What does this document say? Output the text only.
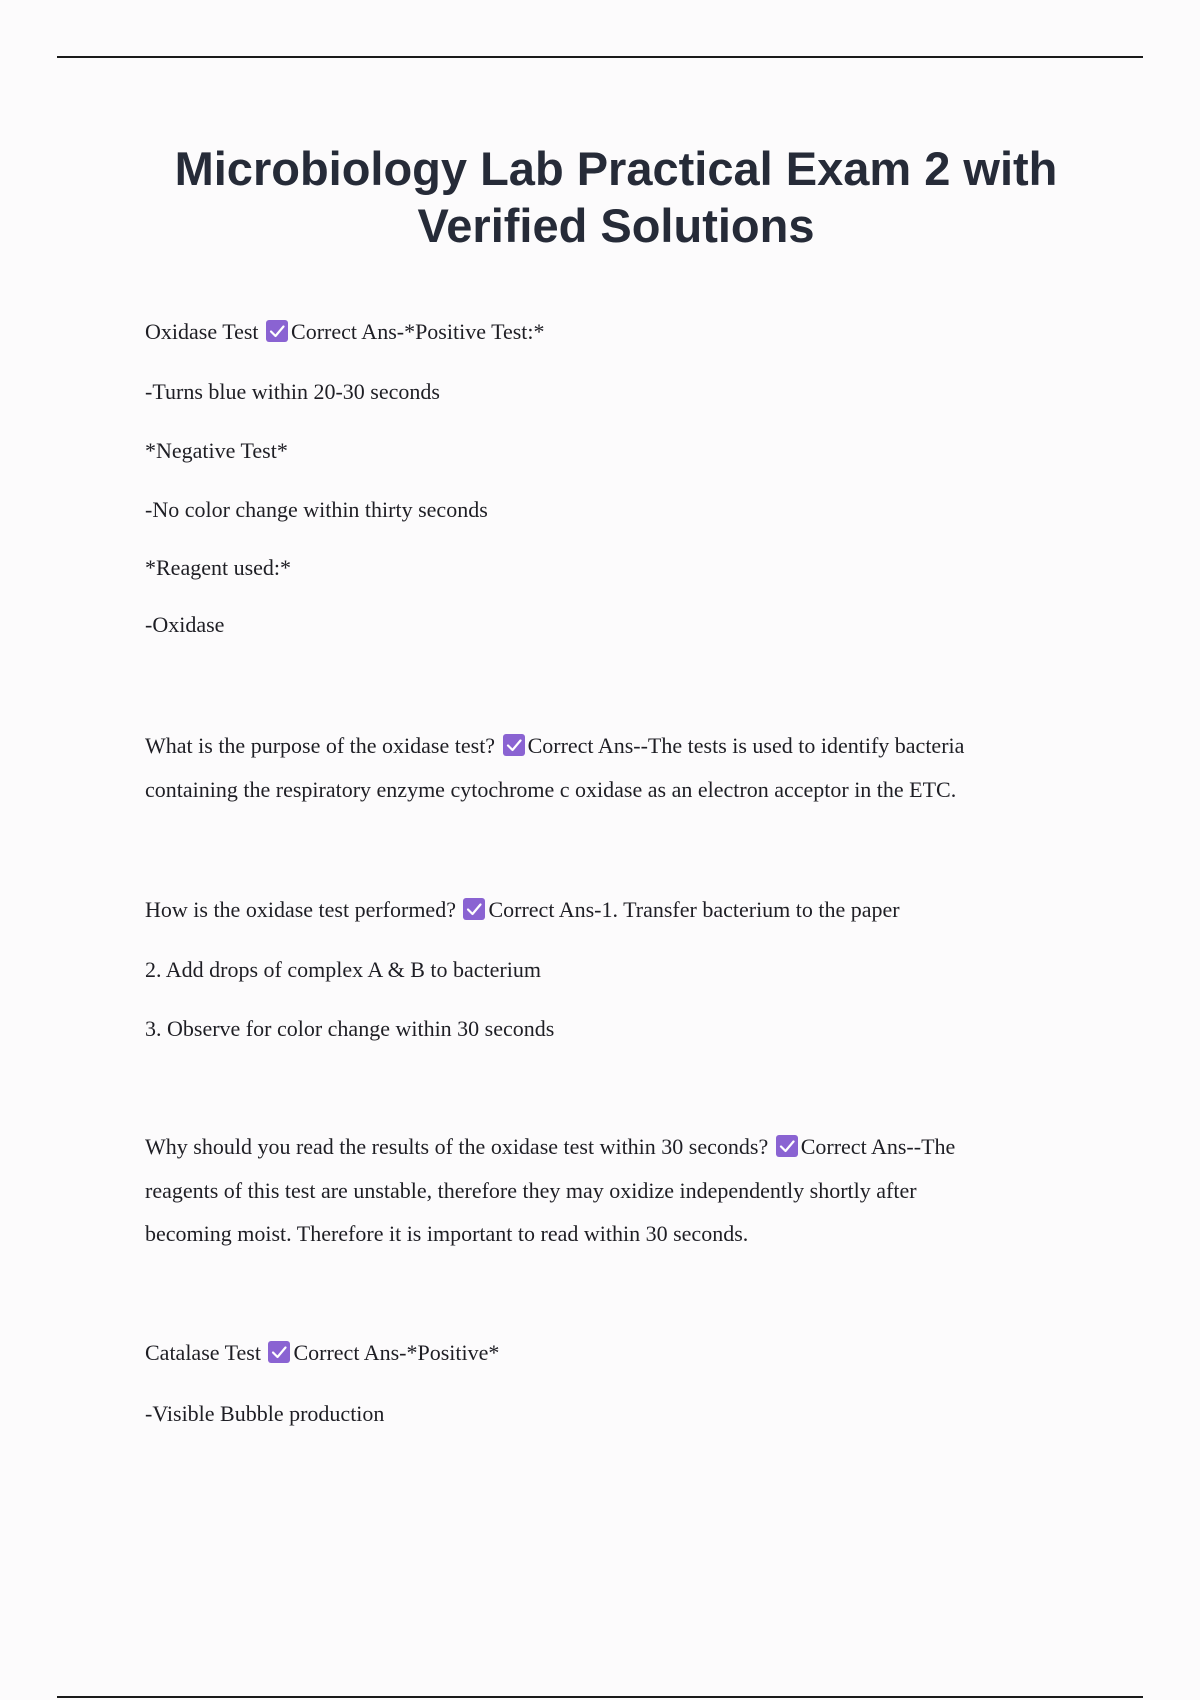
Microbiology Lab Practical Exam 2 with
Verified Solutions
Oxidase Test Correct Ans-*Positive Test:*
-Turns blue within 20-30 seconds
*Negative Test*
-No color change within thirty seconds
*Reagent used:*
-Oxidase
What is the purpose of the oxidase test? Correct Ans--The tests is used to identify bacteria
containing the respiratory enzyme cytochrome c oxidase as an electron acceptor in the ETC.
How is the oxidase test performed? Correct Ans-1. Transfer bacterium to the paper
2. Add drops of complex A & B to bacterium
3. Observe for color change within 30 seconds
Why should you read the results of the oxidase test within 30 seconds? Correct Ans--The
reagents of this test are unstable, therefore they may oxidize independently shortly after
becoming moist. Therefore it is important to read within 30 seconds.
Catalase Test Correct Ans-*Positive*
-Visible Bubble production
